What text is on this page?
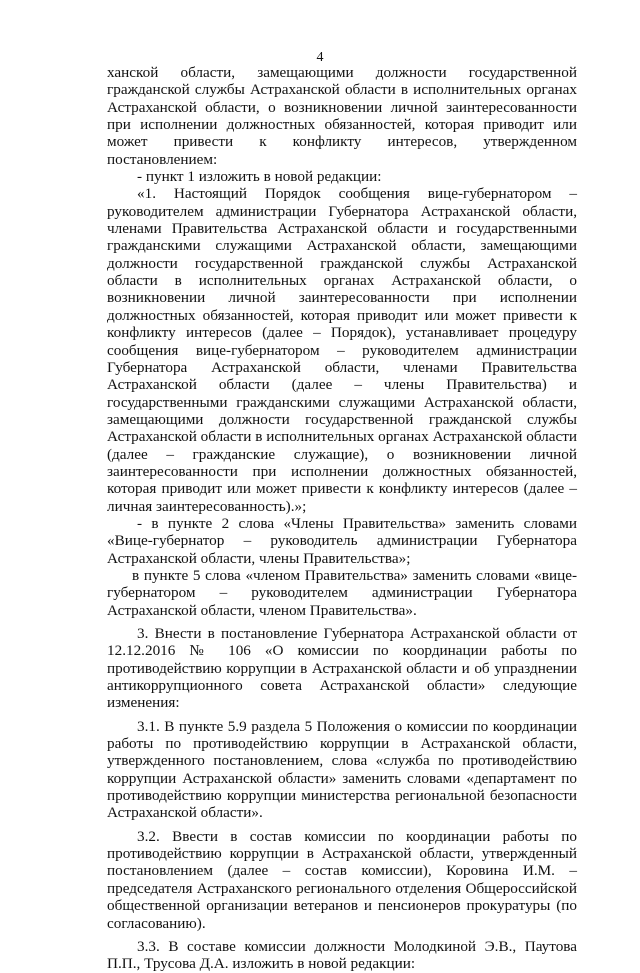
4

ханской области, замещающими должности государственной гражданской службы Астраханской области в исполнительных органах Астраханской области, о возникновении личной заинтересованности при исполнении должностных обязанностей, которая приводит или может привести к конфликту интересов, утвержденном постановлением:

- пункт 1 изложить в новой редакции:

«1. Настоящий Порядок сообщения вице-губернатором – руководителем администрации Губернатора Астраханской области, членами Правительства Астраханской области и государственными гражданскими служащими Астраханской области, замещающими должности государственной гражданской службы Астраханской области в исполнительных органах Астраханской области, о возникновении личной заинтересованности при исполнении должностных обязанностей, которая приводит или может привести к конфликту интересов (далее – Порядок), устанавливает процедуру сообщения вице-губернатором – руководителем администрации Губернатора Астраханской области, членами Правительства Астраханской области (далее – члены Правительства) и государственными гражданскими служащими Астраханской области, замещающими должности государственной гражданской службы Астраханской области в исполнительных органах Астраханской области (далее – гражданские служащие), о возникновении личной заинтересованности при исполнении должностных обязанностей, которая приводит или может привести к конфликту интересов (далее – личная заинтересованность).»;

- в пункте 2 слова «Члены Правительства» заменить словами «Вице-губернатор – руководитель администрации Губернатора Астраханской области, члены Правительства»;

в пункте 5 слова «членом Правительства» заменить словами «вице-губернатором – руководителем администрации Губернатора Астраханской области, членом Правительства».

3. Внести в постановление Губернатора Астраханской области от 12.12.2016 № 106 «О комиссии по координации работы по противодействию коррупции в Астраханской области и об упразднении антикоррупционного совета Астраханской области» следующие изменения:

3.1. В пункте 5.9 раздела 5 Положения о комиссии по координации работы по противодействию коррупции в Астраханской области, утвержденного постановлением, слова «служба по противодействию коррупции Астраханской области» заменить словами «департамент по противодействию коррупции министерства региональной безопасности Астраханской области».

3.2. Ввести в состав комиссии по координации работы по противодействию коррупции в Астраханской области, утвержденный постановлением (далее – состав комиссии), Коровина И.М. – председателя Астраханского регионального отделения Общероссийской общественной организации ветеранов и пенсионеров прокуратуры (по согласованию).

3.3. В составе комиссии должности Молодкиной Э.В., Паутова П.П., Трусова Д.А. изложить в новой редакции:
